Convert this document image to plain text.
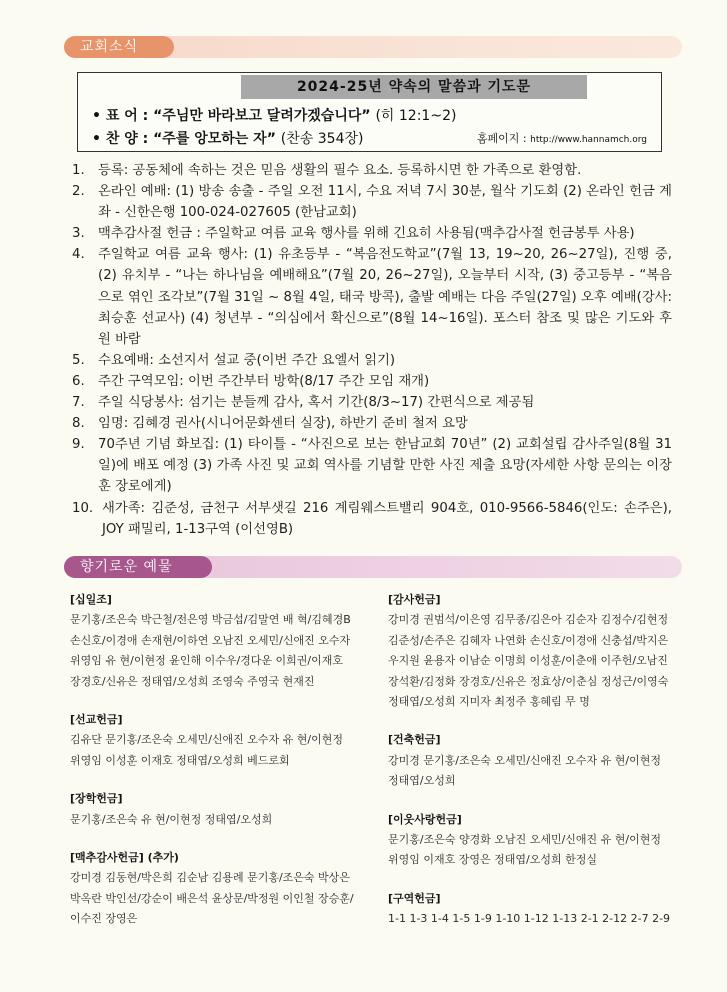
교회소식
2024-25년 약속의 말씀과 기도문
• 표 어 : “주님만 바라보고 달려가겠습니다” (히 12:1~2)
• 찬 양 : “주를 앙모하는 자” (찬송 354장)	홈페이지 : http://www.hannamch.org
1. 등록: 공동체에 속하는 것은 믿음 생활의 필수 요소. 등록하시면 한 가족으로 환영함.
2. 온라인 예배: (1) 방송 송출 - 주일 오전 11시, 수요 저녁 7시 30분, 월삭 기도회 (2) 온라인 헌금 계좌 - 신한은행 100-024-027605 (한남교회)
3. 맥추감사절 헌금 : 주일학교 여름 교육 행사를 위해 긴요히 사용됨(맥추감사절 헌금봉투 사용)
4. 주일학교 여름 교육 행사: (1) 유초등부 - “복음전도학교”(7월 13, 19~20, 26~27일), 진행 중, (2) 유치부 - “나는 하나님을 예배해요”(7월 20, 26~27일), 오늘부터 시작, (3) 중고등부 - “복음으로 엮인 조각보”(7월 31일 ~ 8월 4일, 태국 방콕), 출발 예배는 다음 주일(27일) 오후 예배(강사: 최승훈 선교사) (4) 청년부 - “의심에서 확신으로”(8월 14~16일). 포스터 참조 및 많은 기도와 후원 바람
5. 수요예배: 소선지서 설교 중(이번 주간 요엘서 읽기)
6. 주간 구역모임: 이번 주간부터 방학(8/17 주간 모임 재개)
7. 주일 식당봉사: 섬기는 분들께 감사, 혹서 기간(8/3~17) 간편식으로 제공됨
8. 임명: 김혜경 권사(시니어문화센터 실장), 하반기 준비 철저 요망
9. 70주년 기념 화보집: (1) 타이틀 - “사진으로 보는 한남교회 70년” (2) 교회설립 감사주일(8월 31일)에 배포 예정 (3) 가족 사진 및 교회 역사를 기념할 만한 사진 제출 요망(자세한 사항 문의는 이장훈 장로에게)
10. 새가족: 김준성, 금천구 서부샛길 216 계림웨스트밸리 904호, 010-9566-5846(인도: 손주은), JOY 패밀리, 1-13구역 (이선영B)
향기로운 예물
[십일조]
문기홍/조은숙 박근철/전은영 박금섭/김말연 배 혁/김혜경B
손신호/이경애 손재현/이하연 오남진 오세민/신애진 오수자
위영임 유 현/이현정 윤인해 이수우/경다운 이희권/이재호
장경호/신유은 정태엽/오성희 조영숙 주영국 현재진
[선교헌금]
김유단 문기홍/조은숙 오세민/신애진 오수자 유 현/이현정
위영임 이성훈 이재호 정태엽/오성희 베드로회
[장학헌금]
문기홍/조은숙 유 현/이현정 정태엽/오성희
[맥추감사헌금] (추가)
강미경 김동현/박은희 김순남 김용례 문기홍/조은숙 박상은
박옥란 박인선/강순이 배은석 윤상문/박정원 이인철 장승훈/
이수진 장영은
[감사헌금]
강미경 권범석/이은영 김무종/김은아 김순자 김정수/김현정
김준성/손주은 김혜자 나연화 손신호/이경애 신충섭/박지은
우지원 윤용자 이남순 이명희 이성훈/이춘애 이주헌/오남진
장석환/김정화 장경호/신유은 정효상/이춘심 정성근/이영숙
정태엽/오성희 지미자 최정주 홍혜림 무 명
[건축헌금]
강미경 문기홍/조은숙 오세민/신애진 오수자 유 현/이현정
정태엽/오성희
[이웃사랑헌금]
문기홍/조은숙 양경화 오남진 오세민/신애진 유 현/이현정
위영임 이재호 장영은 정태엽/오성희 한정실
[구역헌금]
1-1 1-3 1-4 1-5 1-9 1-10 1-12 1-13 2-1 2-12 2-7 2-9
